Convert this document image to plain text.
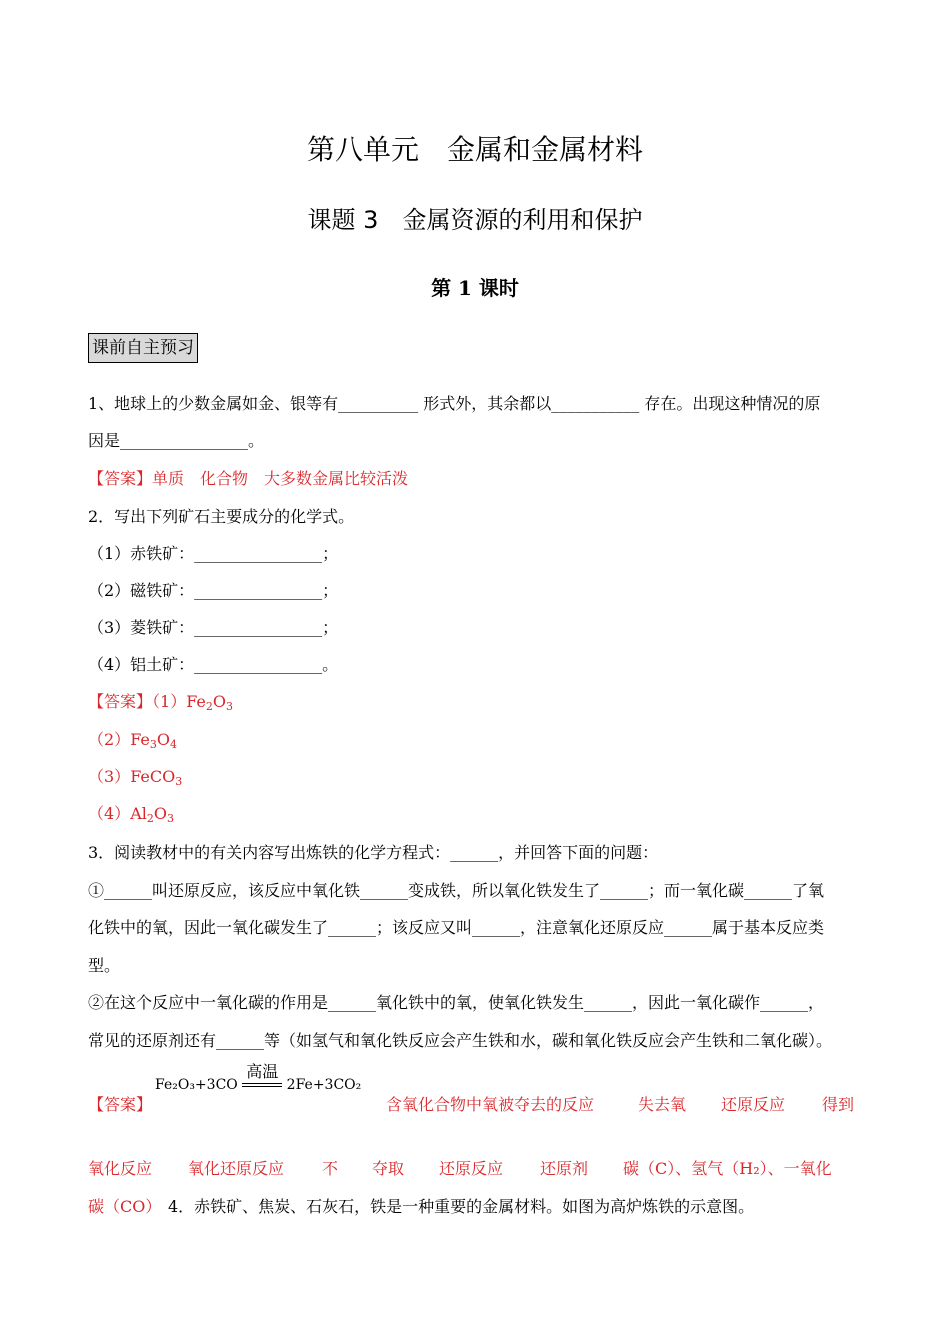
第八单元　金属和金属材料
课题 3　金属资源的利用和保护
第 1 课时
课前自主预习
1、地球上的少数金属如金、银等有__________ 形式外，其余都以___________ 存在。出现这种情况的原
因是________________。
【答案】单质　化合物　大多数金属比较活泼
2．写出下列矿石主要成分的化学式。
（1）赤铁矿：________________；
（2）磁铁矿：________________；
（3）菱铁矿：________________；
（4）铝土矿：________________。
【答案】$(1)Fe_2O_3$
$(2)Fe_3O_4$
（3）FeCO$_3$
$(4)Al_2O_3$
3．阅读教材中的有关内容写出炼铁的化学方程式：______，并回答下面的问题：
①______叫还原反应，该反应中氧化铁______变成铁，所以氧化铁发生了______；而一氧化碳______了氧
化铁中的氧，因此一氧化碳发生了______；该反应又叫______，注意氧化还原反应______属于基本反应类
型。
②在这个反应中一氧化碳的作用是______氧化铁中的氧，使氧化铁发生______，因此一氧化碳作______，
常见的还原剂还有______等（如氢气和氧化铁反应会产生铁和水，碳和氧化铁反应会产生铁和二氧化碳）。
【答案】
Fe₂O₃+3CO
高温
2Fe+3CO₂
含氧化合物中氧被夺去的反应	失去氧 还原反应 得到
氧化反应 氧化还原反应 不 夺取 还原反应 还原剂 碳（C）、氢气（H₂）、一氧化
碳（CO） 4．赤铁矿、焦炭、石灰石，铁是一种重要的金属材料。如图为高炉炼铁的示意图。
